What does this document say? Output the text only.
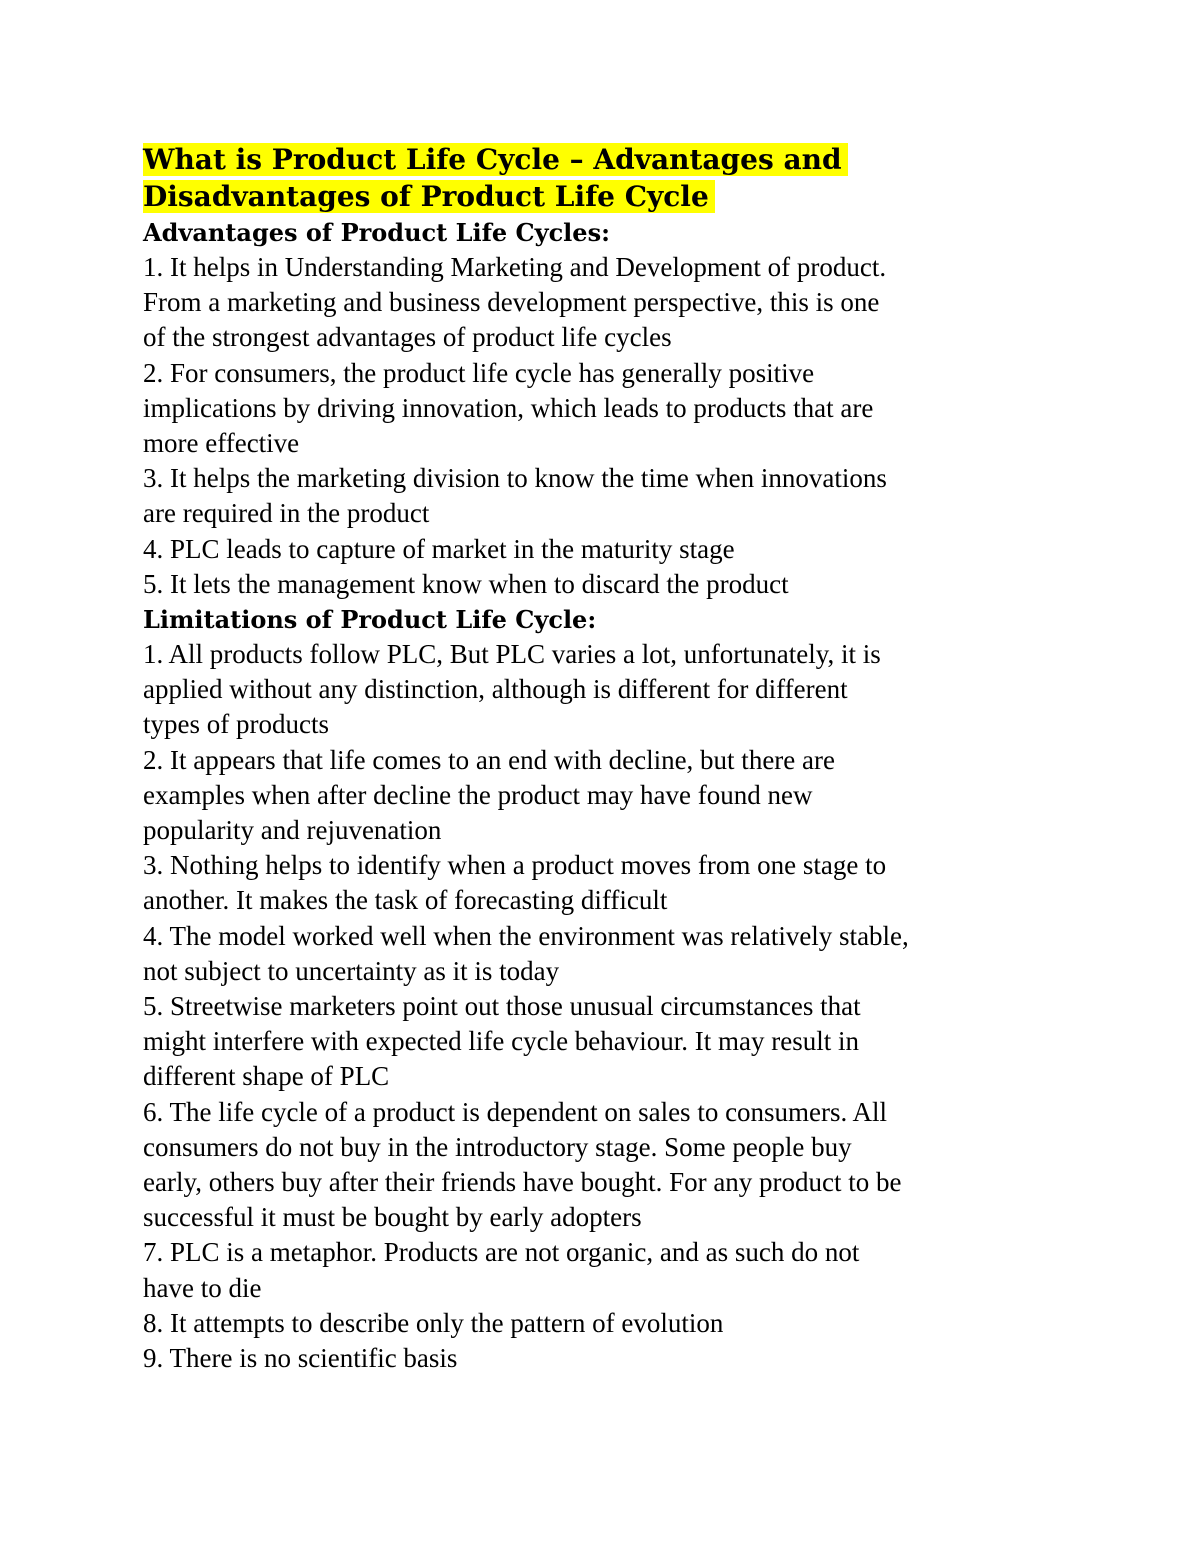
What is Product Life Cycle – Advantages and
Disadvantages of Product Life Cycle
Advantages of Product Life Cycles:
1. It helps in Understanding Marketing and Development of product.
From a marketing and business development perspective, this is one
of the strongest advantages of product life cycles
2. For consumers, the product life cycle has generally positive
implications by driving innovation, which leads to products that are
more effective
3. It helps the marketing division to know the time when innovations
are required in the product
4. PLC leads to capture of market in the maturity stage
5. It lets the management know when to discard the product
Limitations of Product Life Cycle:
1. All products follow PLC, But PLC varies a lot, unfortunately, it is
applied without any distinction, although is different for different
types of products
2. It appears that life comes to an end with decline, but there are
examples when after decline the product may have found new
popularity and rejuvenation
3. Nothing helps to identify when a product moves from one stage to
another. It makes the task of forecasting difficult
4. The model worked well when the environment was relatively stable,
not subject to uncertainty as it is today
5. Streetwise marketers point out those unusual circumstances that
might interfere with expected life cycle behaviour. It may result in
different shape of PLC
6. The life cycle of a product is dependent on sales to consumers. All
consumers do not buy in the introductory stage. Some people buy
early, others buy after their friends have bought. For any product to be
successful it must be bought by early adopters
7. PLC is a metaphor. Products are not organic, and as such do not
have to die
8. It attempts to describe only the pattern of evolution
9. There is no scientific basis
